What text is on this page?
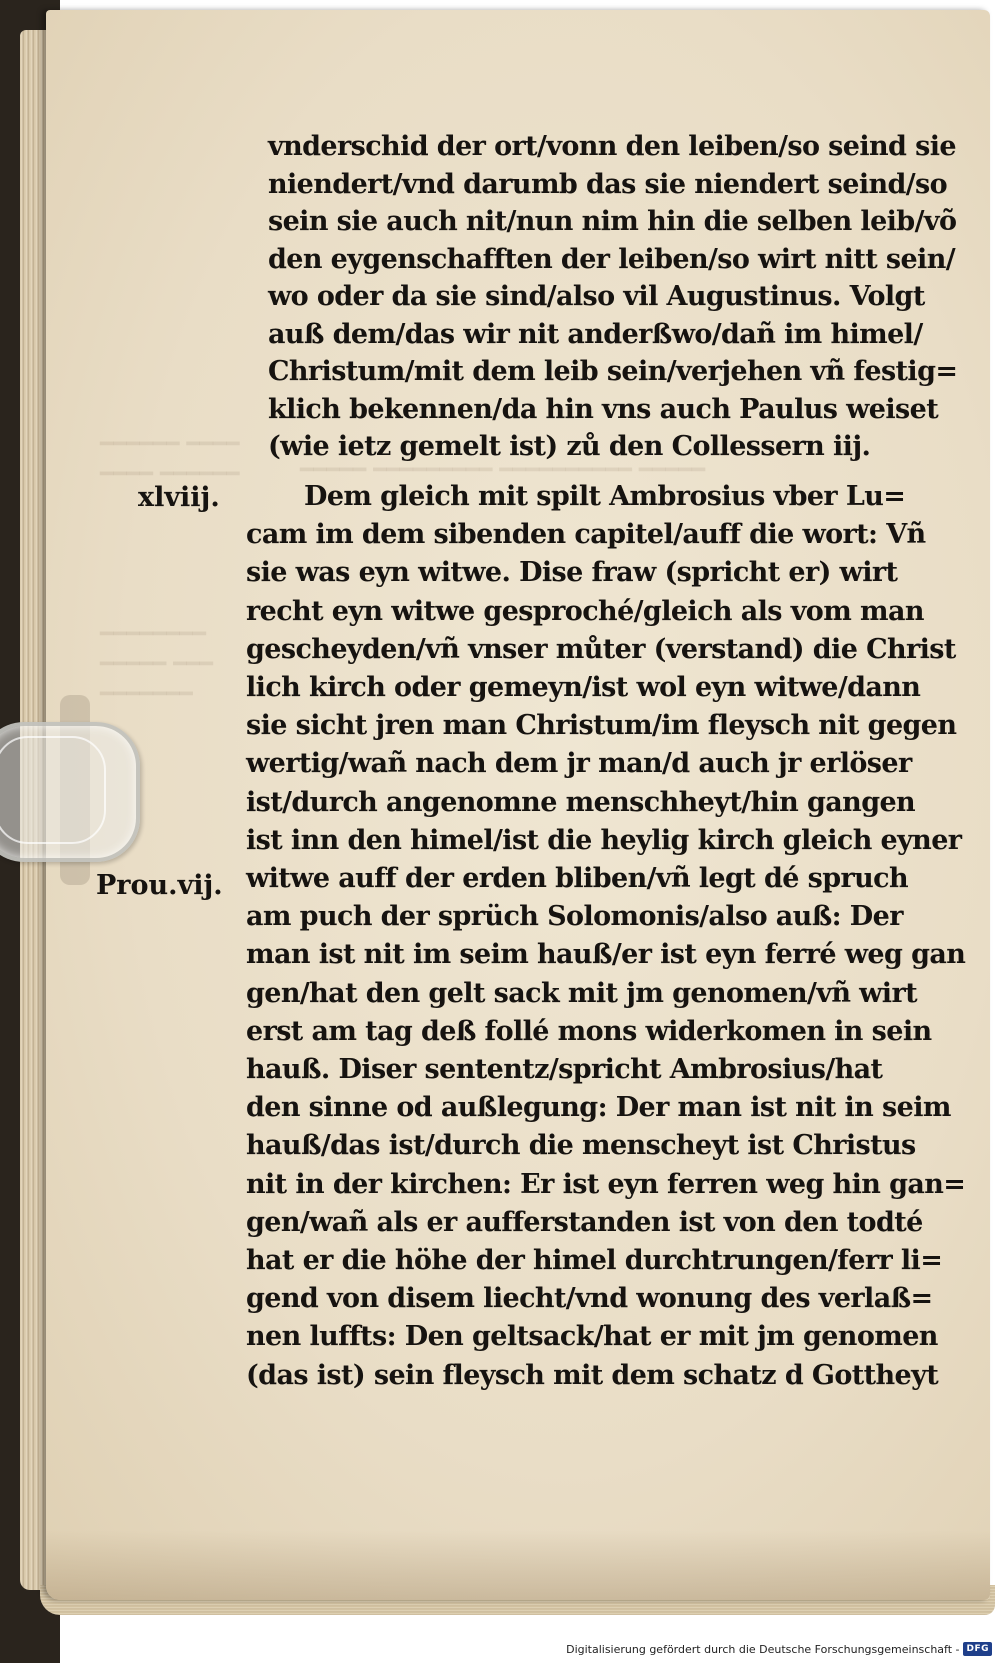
━━━━━━ ━━━━
━━━━ ━━━━━━
━━━━━━━━
━━━━━ ━━━
━━━━━━━
━━━━━ ━━━━━━━━━ ━━━━━━━━━━ ━━━━━
vnderschid der ort/vonn den leiben/so seind sie
niendert/vnd darumb das sie niendert seind/so
sein sie auch nit/nun nim hin die selben leib/võ
den eygenschafften der leiben/so wirt nitt sein/
wo oder da sie sind/also vil Augustinus. Volgt
auß dem/das wir nit anderßwo/dañ im himel/
Christum/mit dem leib sein/verjehen vñ festig=
klich bekennen/da hin vns auch Paulus weiset
(wie ietz gemelt ist) zů den Collessern iij.
xlviij.
Prou.vij.
Dem gleich mit spilt Ambrosius vber Lu=
cam im dem sibenden capitel/auff die wort: Vñ
sie was eyn witwe. Dise fraw (spricht er) wirt
recht eyn witwe gesproché/gleich als vom man
gescheyden/vñ vnser můter (verstand) die Christ
lich kirch oder gemeyn/ist wol eyn witwe/dann
sie sicht jren man Christum/im fleysch nit gegen
wertig/wañ nach dem jr man/d auch jr erlöser
ist/durch angenomne menschheyt/hin gangen
ist inn den himel/ist die heylig kirch gleich eyner
witwe auff der erden bliben/vñ legt dé spruch
am puch der sprüch Solomonis/also auß: Der
man ist nit im seim hauß/er ist eyn ferré weg gan
gen/hat den gelt sack mit jm genomen/vñ wirt
erst am tag deß follé mons widerkomen in sein
hauß. Diser sententz/spricht Ambrosius/hat
den sinne od außlegung: Der man ist nit in seim
hauß/das ist/durch die menscheyt ist Christus
nit in der kirchen: Er ist eyn ferren weg hin gan=
gen/wañ als er aufferstanden ist von den todté
hat er die höhe der himel durchtrungen/ferr li=
gend von disem liecht/vnd wonung des verlaß=
nen luffts: Den geltsack/hat er mit jm genomen
(das ist) sein fleysch mit dem schatz d Gottheyt
Digitalisierung gefördert durch die Deutsche Forschungsgemeinschaft - DFG
